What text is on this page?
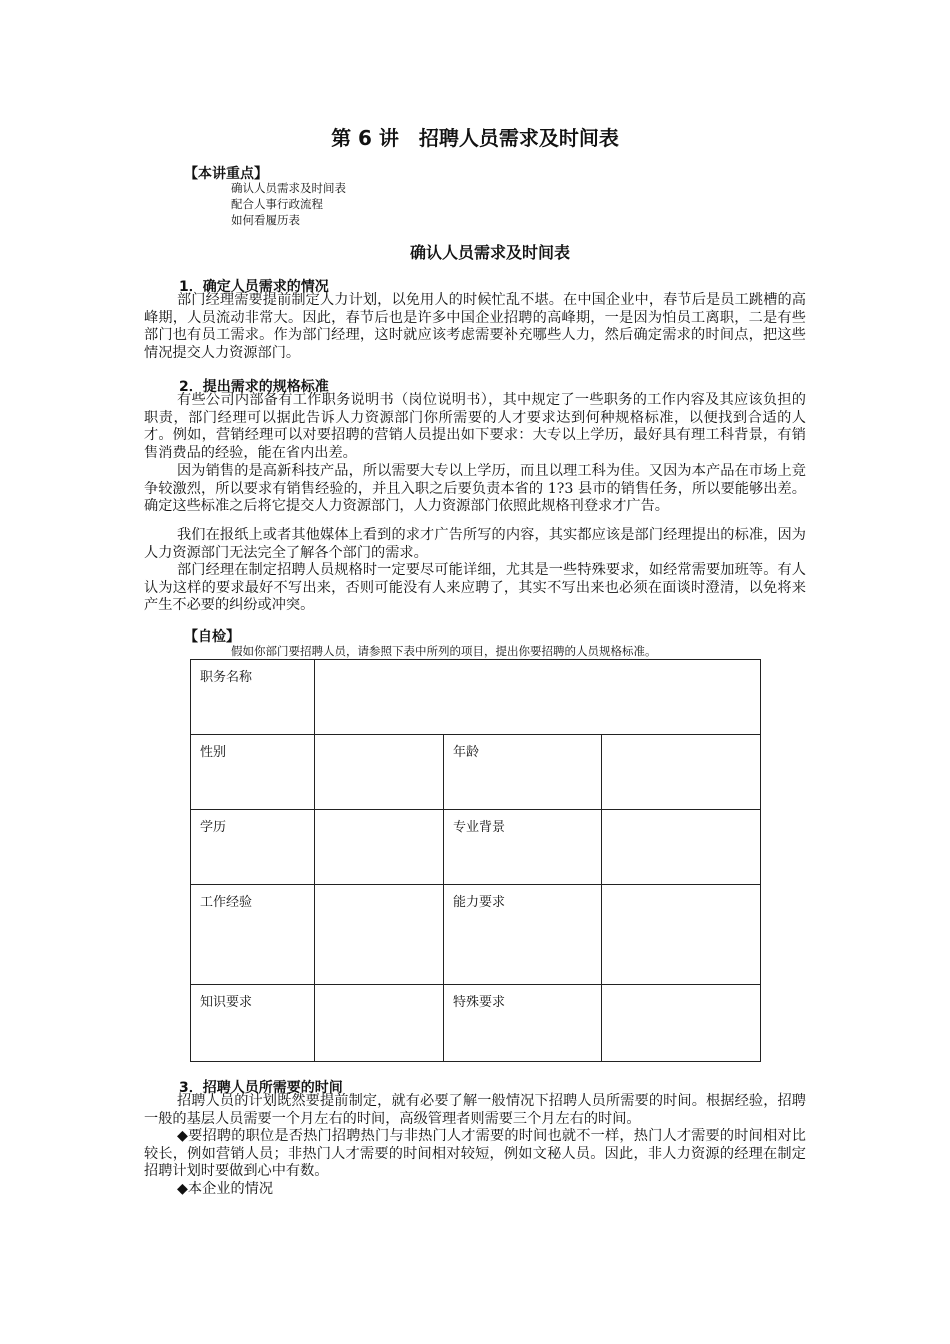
第 6 讲　招聘人员需求及时间表
【本讲重点】
确认人员需求及时间表
配合人事行政流程
如何看履历表
确认人员需求及时间表
1．确定人员需求的情况

部门经理需要提前制定人力计划，以免用人的时候忙乱不堪。在中国企业中，春节后是员工跳槽的高峰期，人员流动非常大。因此，春节后也是许多中国企业招聘的高峰期，一是因为怕员工离职，二是有些部门也有员工需求。作为部门经理，这时就应该考虑需要补充哪些人力，然后确定需求的时间点，把这些情况提交人力资源部门。

2．提出需求的规格标准

有些公司内部备有工作职务说明书（岗位说明书），其中规定了一些职务的工作内容及其应该负担的职责，部门经理可以据此告诉人力资源部门你所需要的人才要求达到何种规格标准，以便找到合适的人才。例如，营销经理可以对要招聘的营销人员提出如下要求：大专以上学历，最好具有理工科背景，有销售消费品的经验，能在省内出差。

因为销售的是高新科技产品，所以需要大专以上学历，而且以理工科为佳。又因为本产品在市场上竞争较激烈，所以要求有销售经验的，并且入职之后要负责本省的 1?3 县市的销售任务，所以要能够出差。确定这些标准之后将它提交人力资源部门，人力资源部门依照此规格刊登求才广告。

我们在报纸上或者其他媒体上看到的求才广告所写的内容，其实都应该是部门经理提出的标准，因为人力资源部门无法完全了解各个部门的需求。

部门经理在制定招聘人员规格时一定要尽可能详细，尤其是一些特殊要求，如经常需要加班等。有人认为这样的要求最好不写出来，否则可能没有人来应聘了，其实不写出来也必须在面谈时澄清，以免将来产生不必要的纠纷或冲突。

【自检】
假如你部门要招聘人员，请参照下表中所列的项目，提出你要招聘的人员规格标准。
职务名称			
性别		年龄	
学历		专业背景	
工作经验		能力要求	
知识要求		特殊要求	
3．招聘人员所需要的时间

招聘人员的计划既然要提前制定，就有必要了解一般情况下招聘人员所需要的时间。根据经验，招聘一般的基层人员需要一个月左右的时间，高级管理者则需要三个月左右的时间。

◆要招聘的职位是否热门招聘热门与非热门人才需要的时间也就不一样，热门人才需要的时间相对比较长，例如营销人员；非热门人才需要的时间相对较短，例如文秘人员。因此，非人力资源的经理在制定招聘计划时要做到心中有数。

◆本企业的情况
